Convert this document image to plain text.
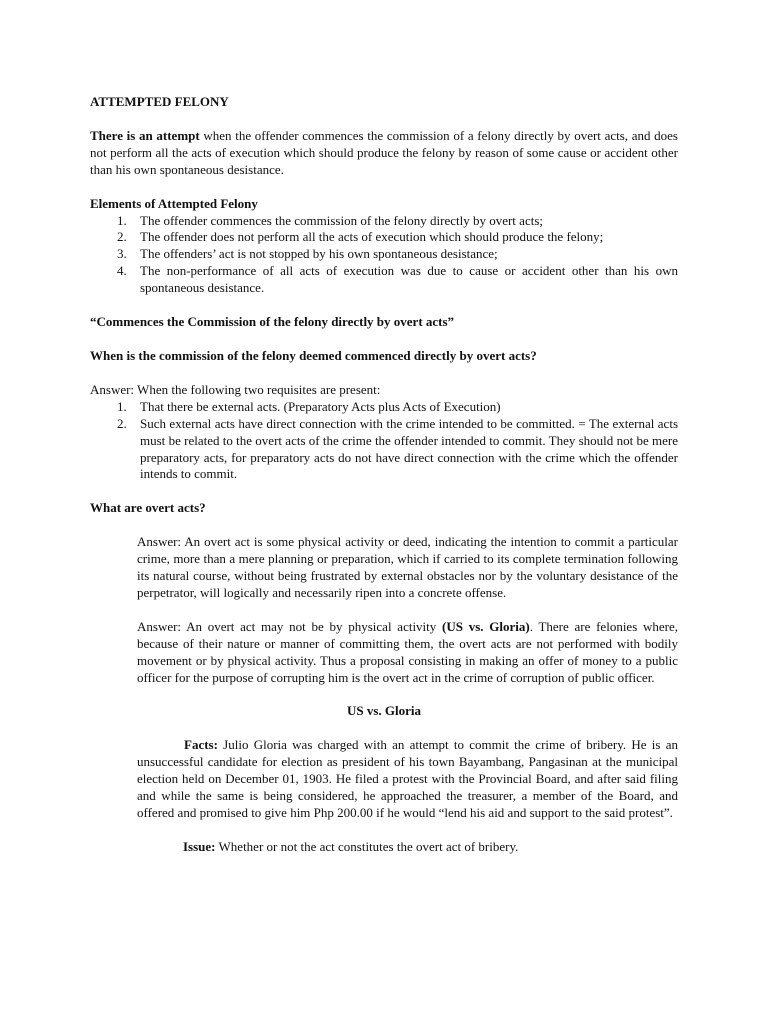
ATTEMPTED FELONY

There is an attempt when the offender commences the commission of a felony directly by overt acts, and does not perform all the acts of execution which should produce the felony by reason of some cause or accident other than his own spontaneous desistance.

Elements of Attempted Felony

1. The offender commences the commission of the felony directly by overt acts;
2. The offender does not perform all the acts of execution which should produce the felony;
3. The offenders’ act is not stopped by his own spontaneous desistance;
4. The non-performance of all acts of execution was due to cause or accident other than his own spontaneous desistance.

“Commences the Commission of the felony directly by overt acts”

When is the commission of the felony deemed commenced directly by overt acts?

Answer: When the following two requisites are present:

1. That there be external acts. (Preparatory Acts plus Acts of Execution)
2. Such external acts have direct connection with the crime intended to be committed. = The external acts must be related to the overt acts of the crime the offender intended to commit. They should not be mere preparatory acts, for preparatory acts do not have direct connection with the crime which the offender intends to commit.

What are overt acts?

Answer: An overt act is some physical activity or deed, indicating the intention to commit a particular crime, more than a mere planning or preparation, which if carried to its complete termination following its natural course, without being frustrated by external obstacles nor by the voluntary desistance of the perpetrator, will logically and necessarily ripen into a concrete offense.

Answer: An overt act may not be by physical activity (US vs. Gloria). There are felonies where, because of their nature or manner of committing them, the overt acts are not performed with bodily movement or by physical activity. Thus a proposal consisting in making an offer of money to a public officer for the purpose of corrupting him is the overt act in the crime of corruption of public officer.

US vs. Gloria

Facts: Julio Gloria was charged with an attempt to commit the crime of bribery. He is an unsuccessful candidate for election as president of his town Bayambang, Pangasinan at the municipal election held on December 01, 1903. He filed a protest with the Provincial Board, and after said filing and while the same is being considered, he approached the treasurer, a member of the Board, and offered and promised to give him Php 200.00 if he would “lend his aid and support to the said protest”.

Issue: Whether or not the act constitutes the overt act of bribery.
